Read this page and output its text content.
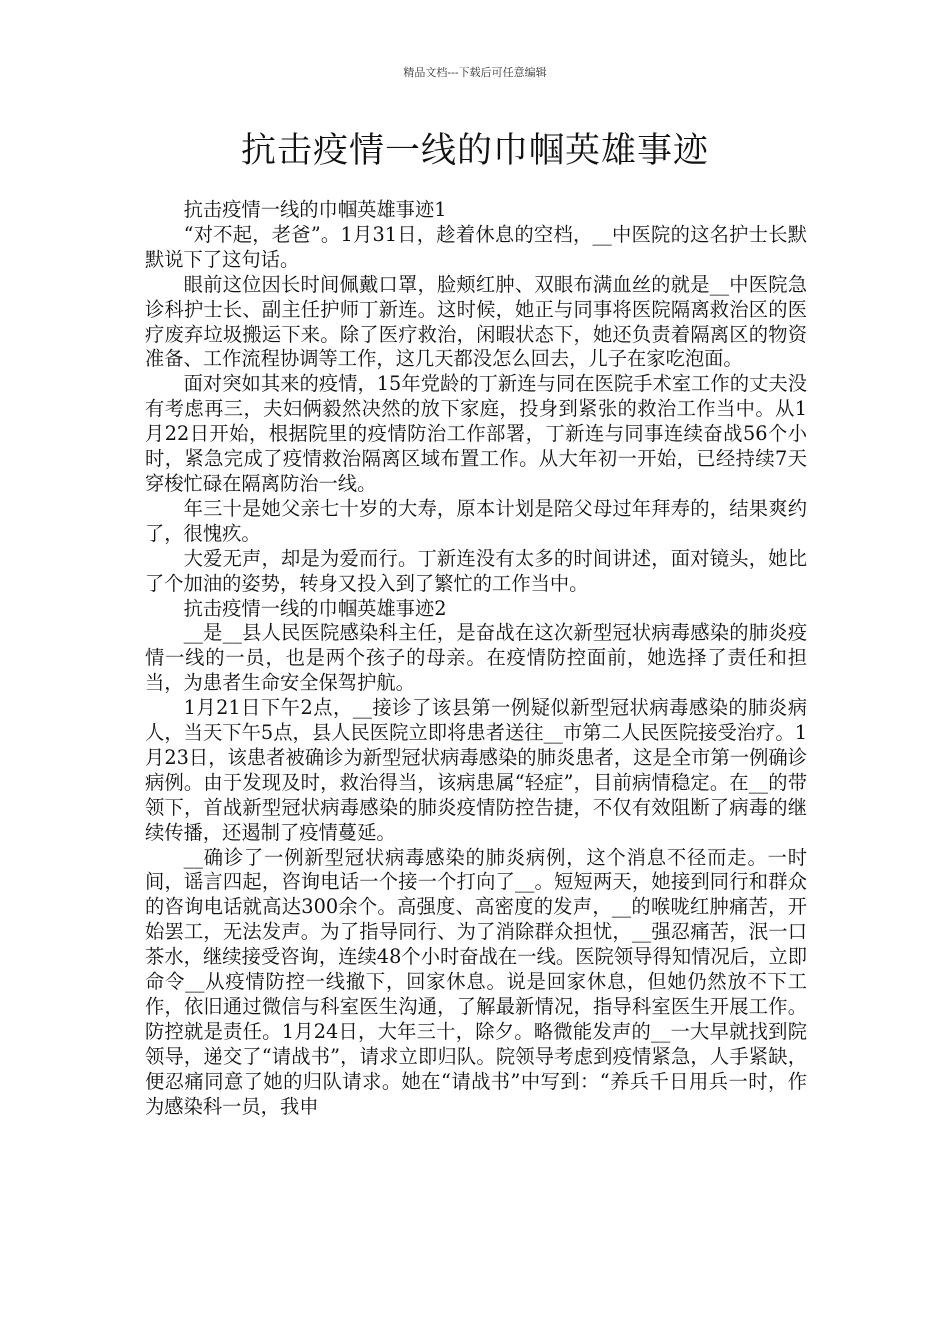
精品文档---下载后可任意编辑
抗击疫情一线的巾帼英雄事迹

抗击疫情一线的巾帼英雄事迹1

“对不起，老爸”。1月31日，趁着休息的空档，__中医院的这名护士长默默说下了这句话。

眼前这位因长时间佩戴口罩，脸颊红肿、双眼布满血丝的就是__中医院急诊科护士长、副主任护师丁新连。这时候，她正与同事将医院隔离救治区的医疗废弃垃圾搬运下来。除了医疗救治，闲暇状态下，她还负责着隔离区的物资准备、工作流程协调等工作，这几天都没怎么回去，儿子在家吃泡面。

面对突如其来的疫情，15年党龄的丁新连与同在医院手术室工作的丈夫没有考虑再三，夫妇俩毅然决然的放下家庭，投身到紧张的救治工作当中。从1月22日开始，根据院里的疫情防治工作部署，丁新连与同事连续奋战56个小时，紧急完成了疫情救治隔离区域布置工作。从大年初一开始，已经持续7天穿梭忙碌在隔离防治一线。

年三十是她父亲七十岁的大寿，原本计划是陪父母过年拜寿的，结果爽约了，很愧疚。

大爱无声，却是为爱而行。丁新连没有太多的时间讲述，面对镜头，她比了个加油的姿势，转身又投入到了繁忙的工作当中。

抗击疫情一线的巾帼英雄事迹2

__是__县人民医院感染科主任，是奋战在这次新型冠状病毒感染的肺炎疫情一线的一员，也是两个孩子的母亲。在疫情防控面前，她选择了责任和担当，为患者生命安全保驾护航。

1月21日下午2点，__接诊了该县第一例疑似新型冠状病毒感染的肺炎病人，当天下午5点，县人民医院立即将患者送往__市第二人民医院接受治疗。1月23日，该患者被确诊为新型冠状病毒感染的肺炎患者，这是全市第一例确诊病例。由于发现及时，救治得当，该病患属“轻症”，目前病情稳定。在__的带领下，首战新型冠状病毒感染的肺炎疫情防控告捷，不仅有效阻断了病毒的继续传播，还遏制了疫情蔓延。

__确诊了一例新型冠状病毒感染的肺炎病例，这个消息不径而走。一时间，谣言四起，咨询电话一个接一个打向了__。短短两天，她接到同行和群众的咨询电话就高达300余个。高强度、高密度的发声，__的喉咙红肿痛苦，开始罢工，无法发声。为了指导同行、为了消除群众担忧，__强忍痛苦，泯一口茶水，继续接受咨询，连续48个小时奋战在一线。医院领导得知情况后，立即命令__从疫情防控一线撤下，回家休息。说是回家休息，但她仍然放不下工作，依旧通过微信与科室医生沟通，了解最新情况，指导科室医生开展工作。防控就是责任。1月24日，大年三十，除夕。略微能发声的__一大早就找到院领导，递交了“请战书”，请求立即归队。院领导考虑到疫情紧急，人手紧缺，便忍痛同意了她的归队请求。她在“请战书”中写到：“养兵千日用兵一时，作为感染科一员，我申
